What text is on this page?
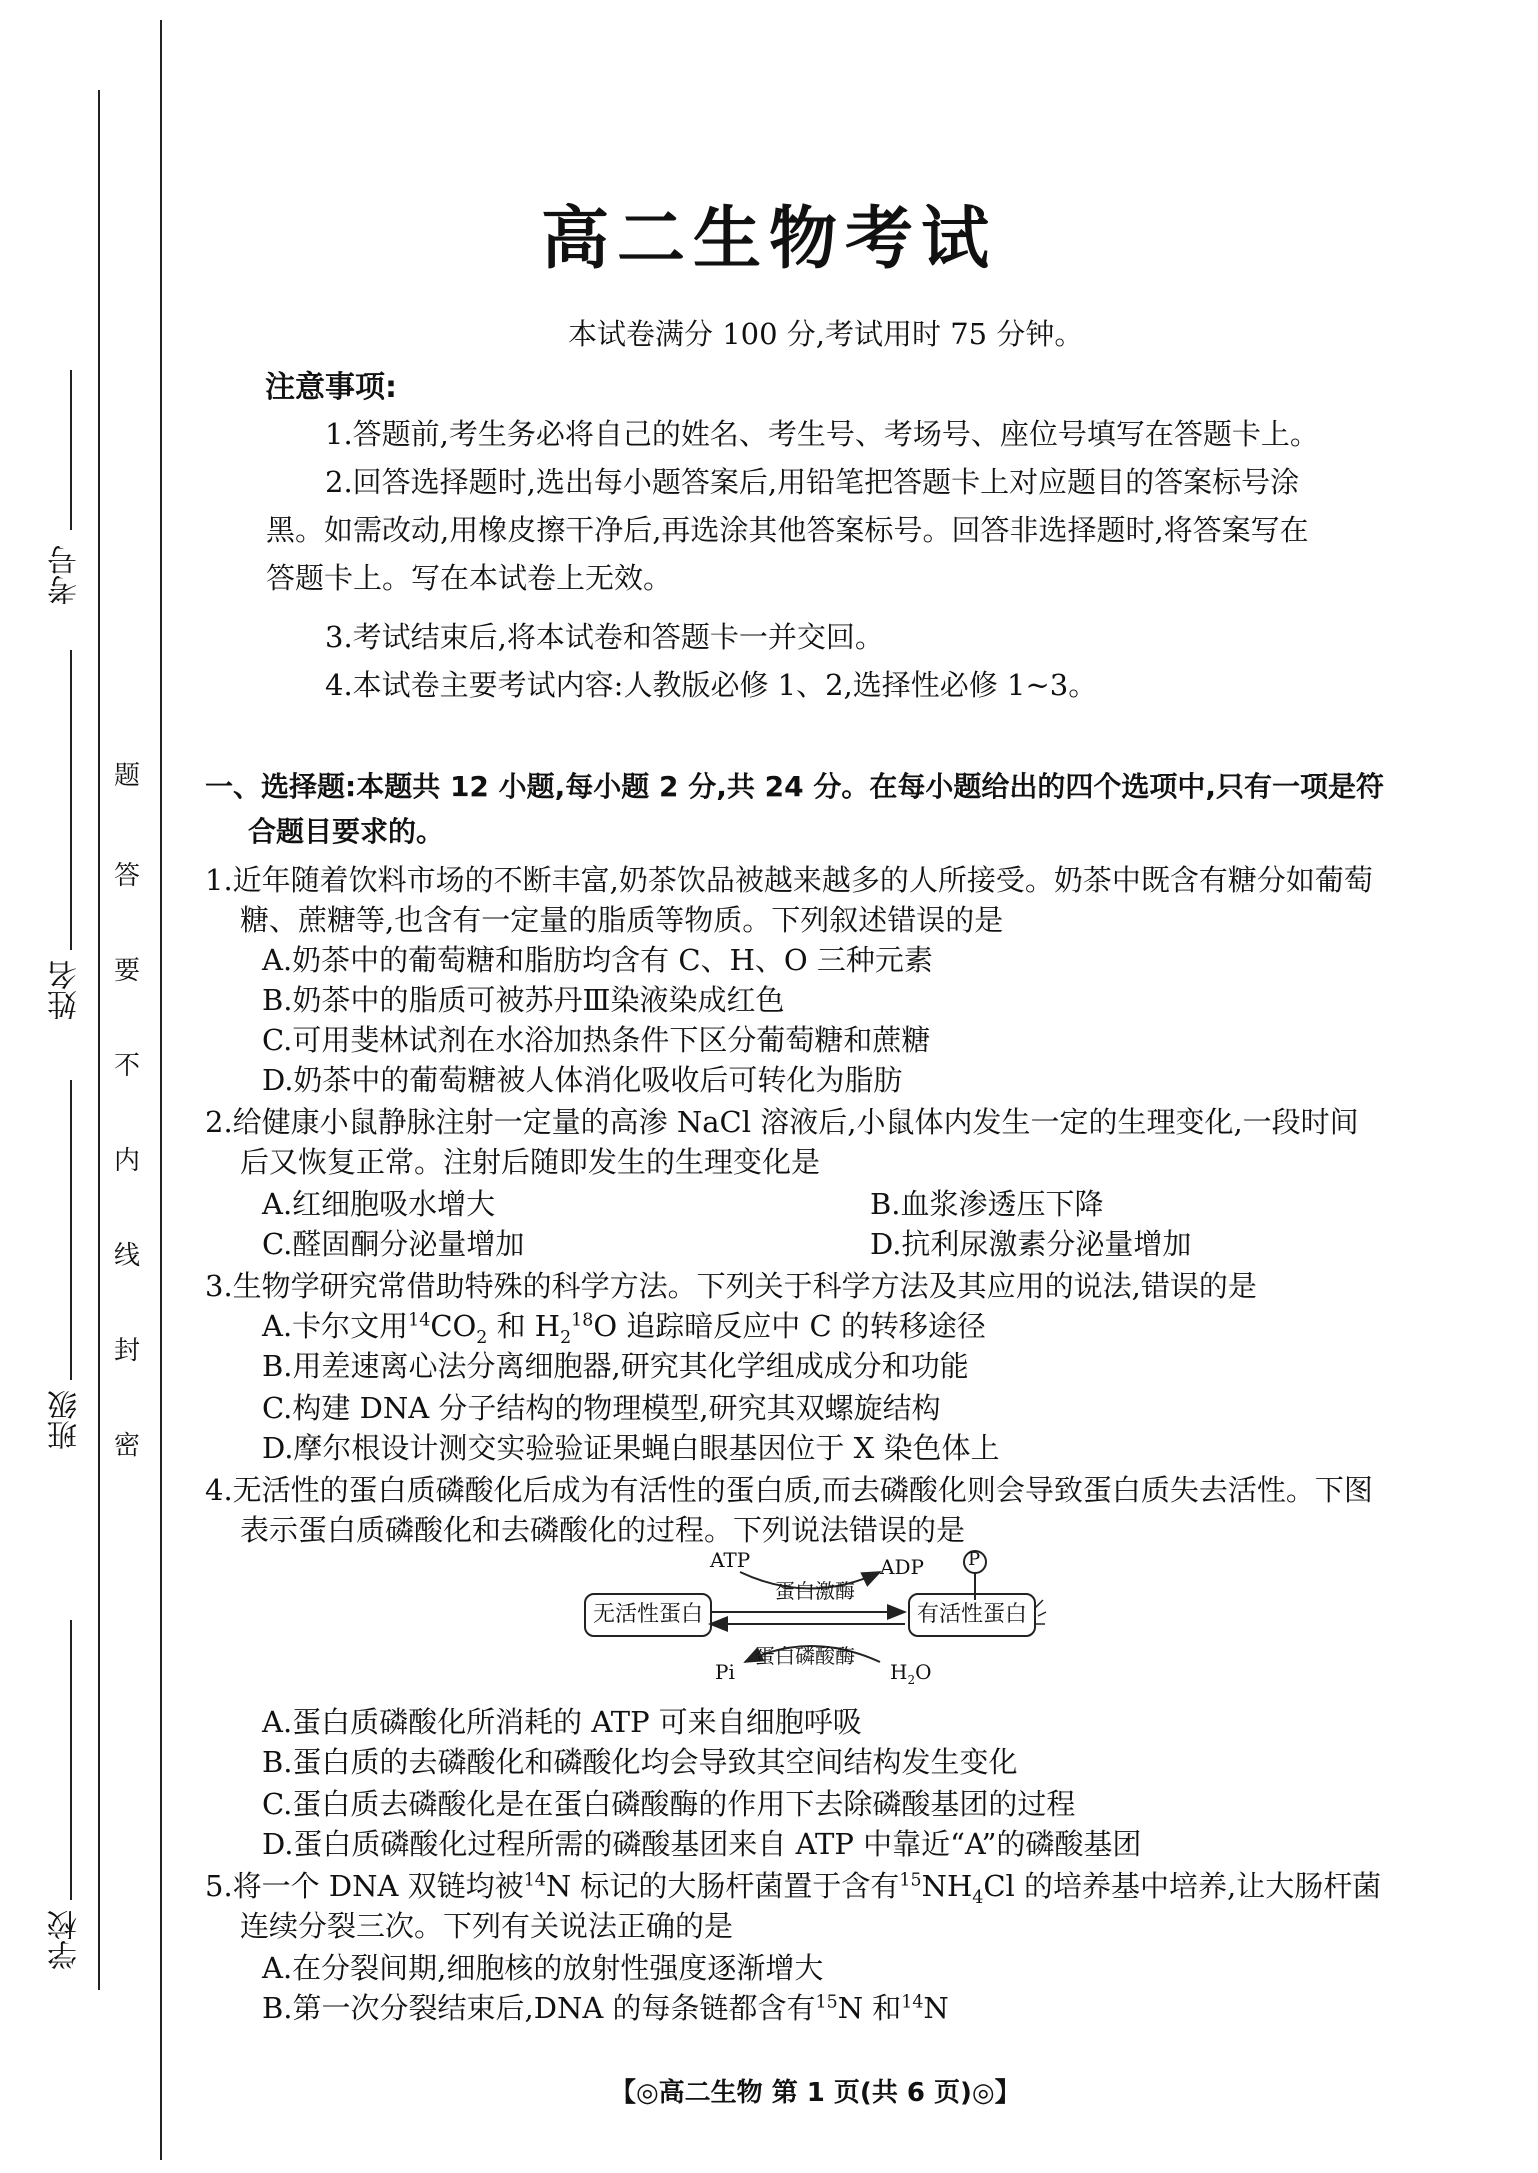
学校
班级
姓名
考号
密
封
线
内
不
要
答
题
高二生物考试
本试卷满分 100 分,考试用时 75 分钟。
注意事项:
1.答题前,考生务必将自己的姓名、考生号、考场号、座位号填写在答题卡上。
2.回答选择题时,选出每小题答案后,用铅笔把答题卡上对应题目的答案标号涂
黑。如需改动,用橡皮擦干净后,再选涂其他答案标号。回答非选择题时,将答案写在
答题卡上。写在本试卷上无效。
3.考试结束后,将本试卷和答题卡一并交回。
4.本试卷主要考试内容:人教版必修 1、2,选择性必修 1~3。
一、选择题:本题共 12 小题,每小题 2 分,共 24 分。在每小题给出的四个选项中,只有一项是符
合题目要求的。
1.近年随着饮料市场的不断丰富,奶茶饮品被越来越多的人所接受。奶茶中既含有糖分如葡萄
糖、蔗糖等,也含有一定量的脂质等物质。下列叙述错误的是
A.奶茶中的葡萄糖和脂肪均含有 C、H、O 三种元素
B.奶茶中的脂质可被苏丹Ⅲ染液染成红色
C.可用斐林试剂在水浴加热条件下区分葡萄糖和蔗糖
D.奶茶中的葡萄糖被人体消化吸收后可转化为脂肪
2.给健康小鼠静脉注射一定量的高渗 NaCl 溶液后,小鼠体内发生一定的生理变化,一段时间
后又恢复正常。注射后随即发生的生理变化是
A.红细胞吸水增大	B.血浆渗透压下降
C.醛固酮分泌量增加	D.抗利尿激素分泌量增加
3.生物学研究常借助特殊的科学方法。下列关于科学方法及其应用的说法,错误的是
A.卡尔文用$^{14}CO_2$ 和 $H_2^{18}O$ 追踪暗反应中 C 的转移途径
B.用差速离心法分离细胞器,研究其化学组成成分和功能
C.构建 DNA 分子结构的物理模型,研究其双螺旋结构
D.摩尔根设计测交实验验证果蝇白眼基因位于 X 染色体上
4.无活性的蛋白质磷酸化后成为有活性的蛋白质,而去磷酸化则会导致蛋白质失去活性。下图
表示蛋白质磷酸化和去磷酸化的过程。下列说法错误的是
无活性蛋白	有活性蛋白
ATP	ADP
蛋白激酶
P
蛋白磷酸酶
Pi	$H_2O$
A.蛋白质磷酸化所消耗的 ATP 可来自细胞呼吸
B.蛋白质的去磷酸化和磷酸化均会导致其空间结构发生变化
C.蛋白质去磷酸化是在蛋白磷酸酶的作用下去除磷酸基团的过程
D.蛋白质磷酸化过程所需的磷酸基团来自 ATP 中靠近“A”的磷酸基团
5.将一个 DNA 双链均被$^{14}$N 标记的大肠杆菌置于含有$^{15}NH_4Cl$ 的培养基中培养,让大肠杆菌
连续分裂三次。下列有关说法正确的是
A.在分裂间期,细胞核的放射性强度逐渐增大
B.第一次分裂结束后,DNA 的每条链都含有$^{15}$N 和$^{14}$N
【◎高二生物 第 1 页(共 6 页)◎】
